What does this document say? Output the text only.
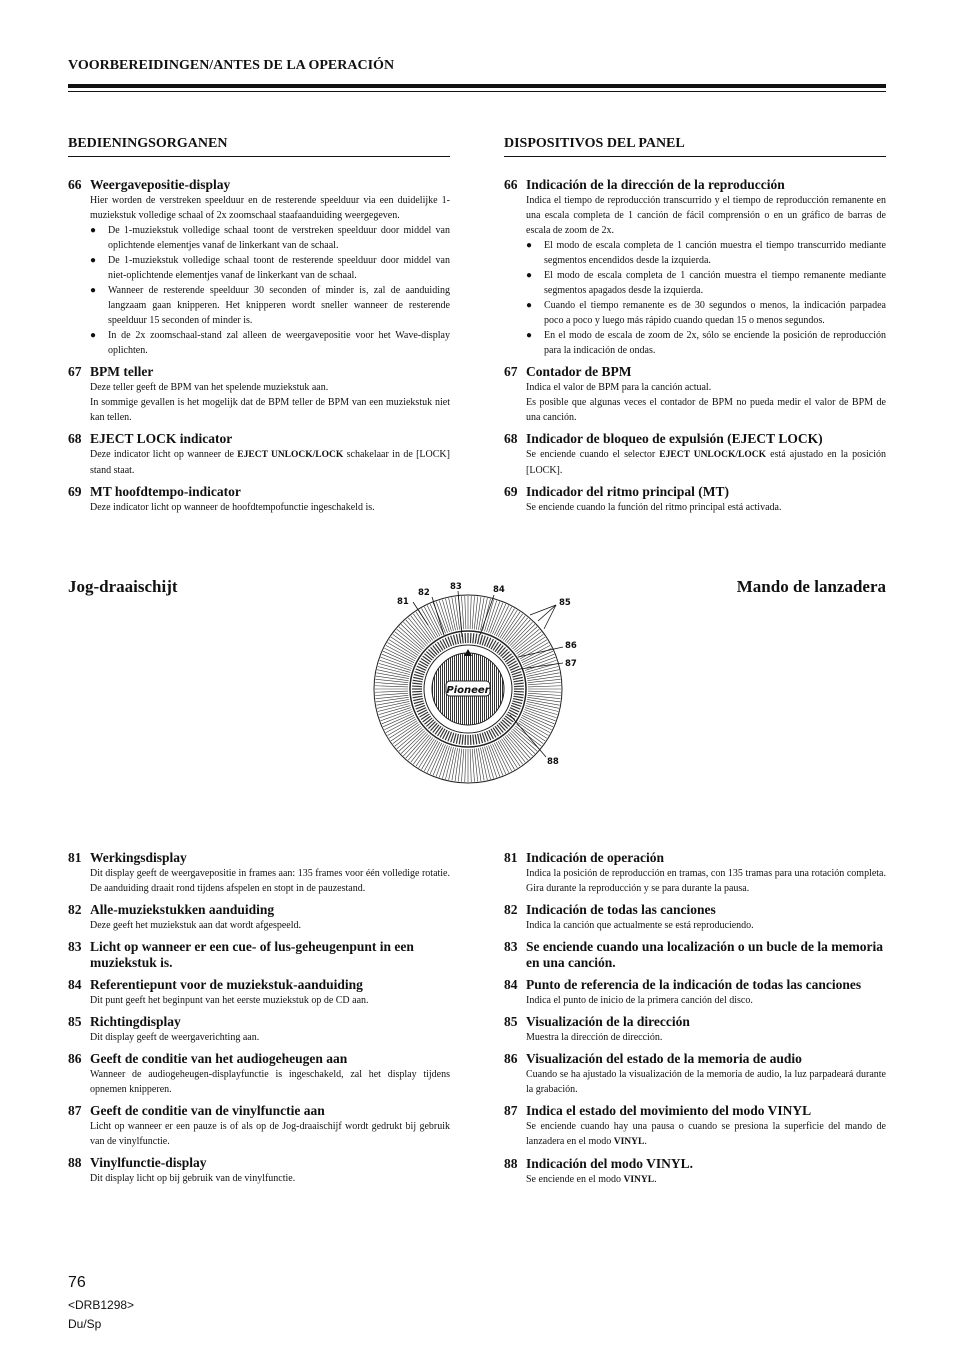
VOORBEREIDINGEN/ANTES DE LA OPERACIÓN
BEDIENINGSORGANEN
66 Weergavepositie-display
Hier worden de verstreken speelduur en de resterende speelduur via een duidelijke 1-muziekstuk volledige schaal of 2x zoomschaal staafaanduiding weergegeven.
●	De 1-muziekstuk volledige schaal toont de verstreken speelduur door middel van oplichtende elementjes vanaf de linkerkant van de schaal.
●	De 1-muziekstuk volledige schaal toont de resterende speelduur door middel van niet-oplichtende elementjes vanaf de linkerkant van de schaal.
●	Wanneer de resterende speelduur 30 seconden of minder is, zal de aanduiding langzaam gaan knipperen. Het knipperen wordt sneller wanneer de resterende speelduur 15 seconden of minder is.
●	In de 2x zoomschaal-stand zal alleen de weergavepositie voor het Wave-display oplichten.
67 BPM teller
Deze teller geeft de BPM van het spelende muziekstuk aan.
In sommige gevallen is het mogelijk dat de BPM teller de BPM van een muziekstuk niet kan tellen.
68 EJECT LOCK indicator
Deze indicator licht op wanneer de EJECT UNLOCK/LOCK schakelaar in de [LOCK] stand staat.
69 MT hoofdtempo-indicator
Deze indicator licht op wanneer de hoofdtempofunctie ingeschakeld is.
DISPOSITIVOS DEL PANEL
66 Indicación de la dirección de la reproducción
Indica el tiempo de reproducción transcurrido y el tiempo de reproducción remanente en una escala completa de 1 canción de fácil comprensión o en un gráfico de barras de escala de zoom de 2x.
●	El modo de escala completa de 1 canción muestra el tiempo transcurrido mediante segmentos encendidos desde la izquierda.
●	El modo de escala completa de 1 canción muestra el tiempo remanente mediante segmentos apagados desde la izquierda.
●	Cuando el tiempo remanente es de 30 segundos o menos, la indicación parpadea poco a poco y luego más rápido cuando quedan 15 o menos segundos.
●	En el modo de escala de zoom de 2x, sólo se enciende la posición de reproducción para la indicación de ondas.
67 Contador de BPM
Indica el valor de BPM para la canción actual.
Es posible que algunas veces el contador de BPM no pueda medir el valor de BPM de una canción.
68 Indicador de bloqueo de expulsión (EJECT LOCK)
Se enciende cuando el selector EJECT UNLOCK/LOCK está ajustado en la posición [LOCK].
69 Indicador del ritmo principal (MT)
Se enciende cuando la función del ritmo principal está activada.
Jog-draaischijt	Mando de lanzadera
Pioneer
81
82
83	84
85
86
87
88
81 Werkingsdisplay
Dit display geeft de weergavepositie in frames aan: 135 frames voor één volledige rotatie. De aanduiding draait rond tijdens afspelen en stopt in de pauzestand.
82 Alle-muziekstukken aanduiding
Deze geeft het muziekstuk aan dat wordt afgespeeld.
83 Licht op wanneer er een cue- of lus-geheugenpunt in een muziekstuk is.
84 Referentiepunt voor de muziekstuk-aanduiding
Dit punt geeft het beginpunt van het eerste muziekstuk op de CD aan.
85 Richtingdisplay
Dit display geeft de weergaverichting aan.
86 Geeft de conditie van het audiogeheugen aan
Wanneer de audiogeheugen-displayfunctie is ingeschakeld, zal het display tijdens opnemen knipperen.
87 Geeft de conditie van de vinylfunctie aan
Licht op wanneer er een pauze is of als op de Jog-draaischijf wordt gedrukt bij gebruik van de vinylfunctie.
88 Vinylfunctie-display
Dit display licht op bij gebruik van de vinylfunctie.
81 Indicación de operación
Indica la posición de reproducción en tramas, con 135 tramas para una rotación completa. Gira durante la reproducción y se para durante la pausa.
82 Indicación de todas las canciones
Indica la canción que actualmente se está reproduciendo.
83 Se enciende cuando una localización o un bucle de la memoria en una canción.
84 Punto de referencia de la indicación de todas las canciones
Indica el punto de inicio de la primera canción del disco.
85 Visualización de la dirección
Muestra la dirección de dirección.
86 Visualización del estado de la memoria de audio
Cuando se ha ajustado la visualización de la memoria de audio, la luz parpadeará durante la grabación.
87 Indica el estado del movimiento del modo VINYL
Se enciende cuando hay una pausa o cuando se presiona la superficie del mando de lanzadera en el modo VINYL.
88 Indicación del modo VINYL.
Se enciende en el modo VINYL.
76
<DRB1298>
Du/Sp
